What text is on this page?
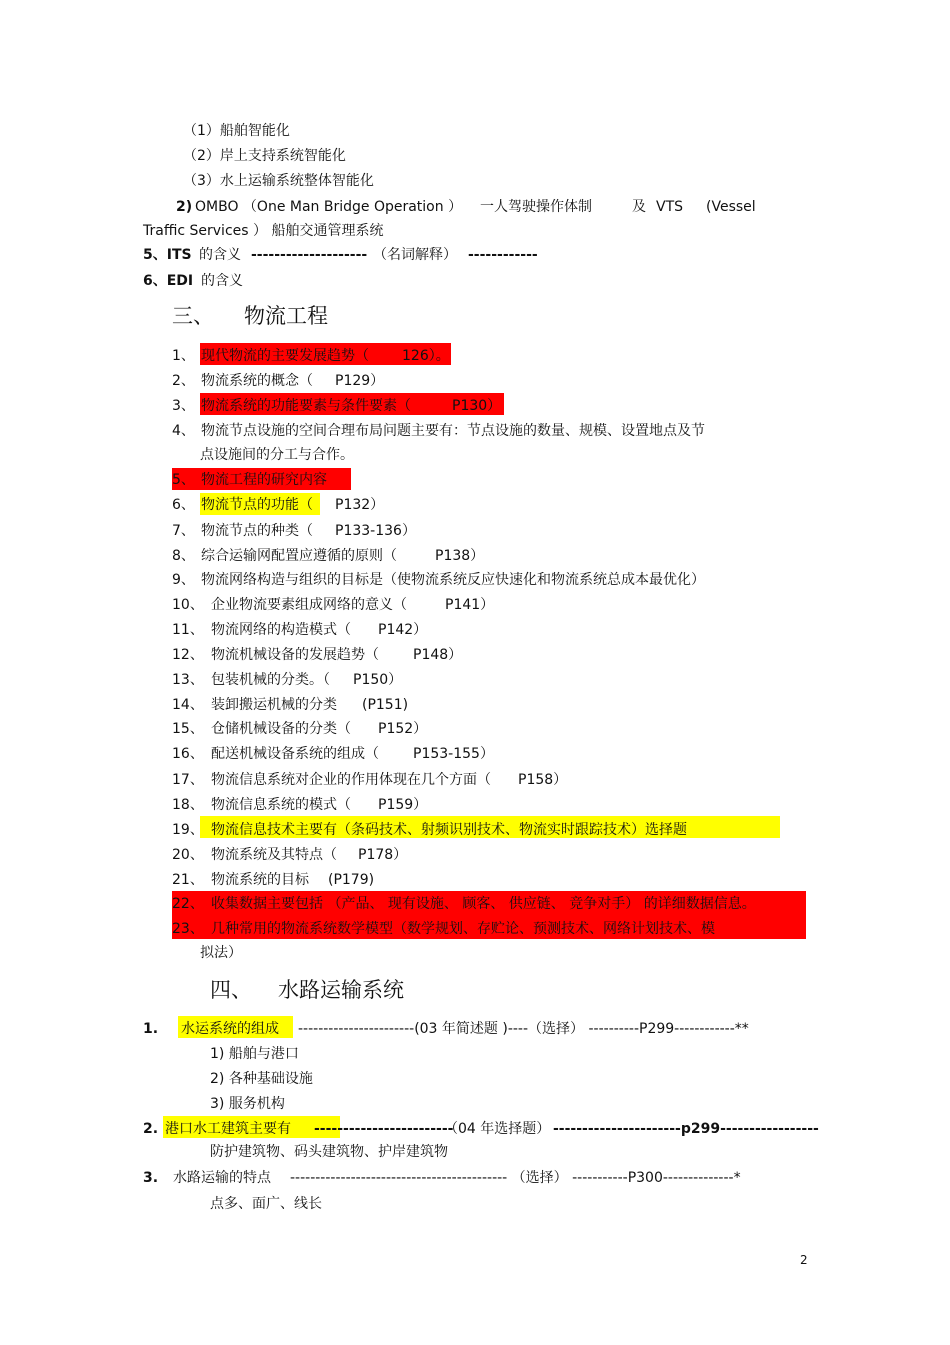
（1）船舶智能化
（2）岸上支持系统智能化
（3）水上运输系统整体智能化
2) OMBO （One Man Bridge Operation ） 一人驾驶操作体制	及 VTS (Vessel
Traffic Services ） 船舶交通管理系统
5、ITS 的含义 -------------------- （名词解释） ------------
6、EDI 的含义
三、 物流工程
1、 现代物流的主要发展趋势（ 126）。
2、 物流系统的概念（ P129）
3、 物流系统的功能要素与条件要素（	P130）
4、 物流节点设施的空间合理布局问题主要有：节点设施的数量、规模、设置地点及节
点设施间的分工与合作。
5、 物流工程的研究内容
6、 物流节点的功能（ P132）
7、 物流节点的种类（ P133-136）
8、 综合运输网配置应遵循的原则（	P138）
9、 物流网络构造与组织的目标是（使物流系统反应快速化和物流系统总成本最优化）
10、 企业物流要素组成网络的意义（	P141）
11、 物流网络的构造模式（ P142）
12、 物流机械设备的发展趋势（ P148）
13、 包装机械的分类。（ P150）
14、 装卸搬运机械的分类 (P151)
15、 仓储机械设备的分类（ P152）
16、 配送机械设备系统的组成（ P153-155）
17、 物流信息系统对企业的作用体现在几个方面（ P158）
18、 物流信息系统的模式（ P159）
19、 物流信息技术主要有（条码技术、射频识别技术、物流实时跟踪技术）选择题
20、 物流系统及其特点（ P178）
21、 物流系统的目标 (P179)
22、 收集数据主要包括 （产品、 现有设施、 顾客、 供应链、 竞争对手） 的详细数据信息。
23、 几种常用的物流系统数学模型（数学规划、存贮论、预测技术、网络计划技术、模
拟法）
四、 水路运输系统
1. 水运系统的组成 -----------------------(03 年简述题 )----（选择） ----------P299------------**
1) 船舶与港口
2) 各种基础设施
3) 服务机构
2. 港口水工建筑主要有 ------------------------
（04 年选择题） ----------------------p299-----------------
防护建筑物、码头建筑物、护岸建筑物
3. 水路运输的特点 ------------------------------------------- （选择） -----------P300--------------*
点多、面广、线长
2
